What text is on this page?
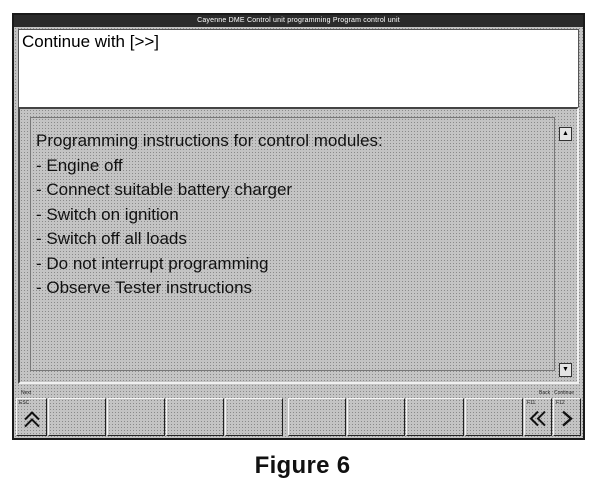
Cayenne DME Control unit programming Program control unit
Continue with [>>]
Programming instructions for control modules:
- Engine off
- Connect suitable battery charger
- Switch on ignition
- Switch off all loads
- Do not interrupt programming
- Observe Tester instructions
▲
▼
Next	Back Continue
ESC	F11	F12
Figure 6
